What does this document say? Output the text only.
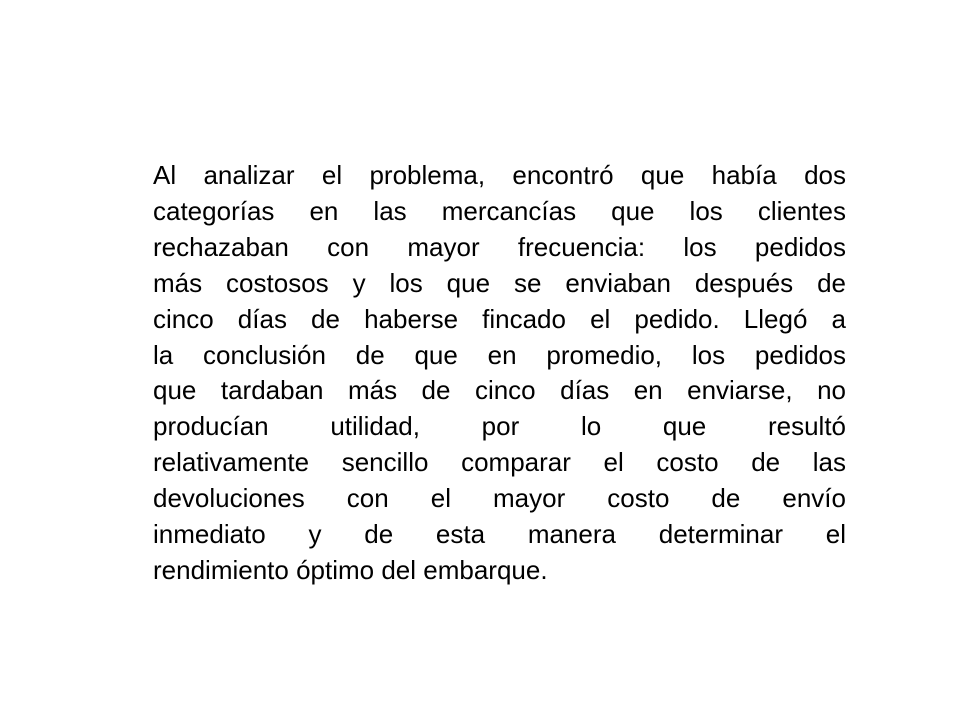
Al analizar el problema, encontró que había dos
categorías en las mercancías que los clientes
rechazaban con mayor frecuencia: los pedidos
más costosos y los que se enviaban después de
cinco días de haberse fincado el pedido. Llegó a
la conclusión de que en promedio, los pedidos
que tardaban más de cinco días en enviarse, no
producían utilidad, por lo que resultó
relativamente sencillo comparar el costo de las
devoluciones con el mayor costo de envío
inmediato y de esta manera determinar el
rendimiento óptimo del embarque.
